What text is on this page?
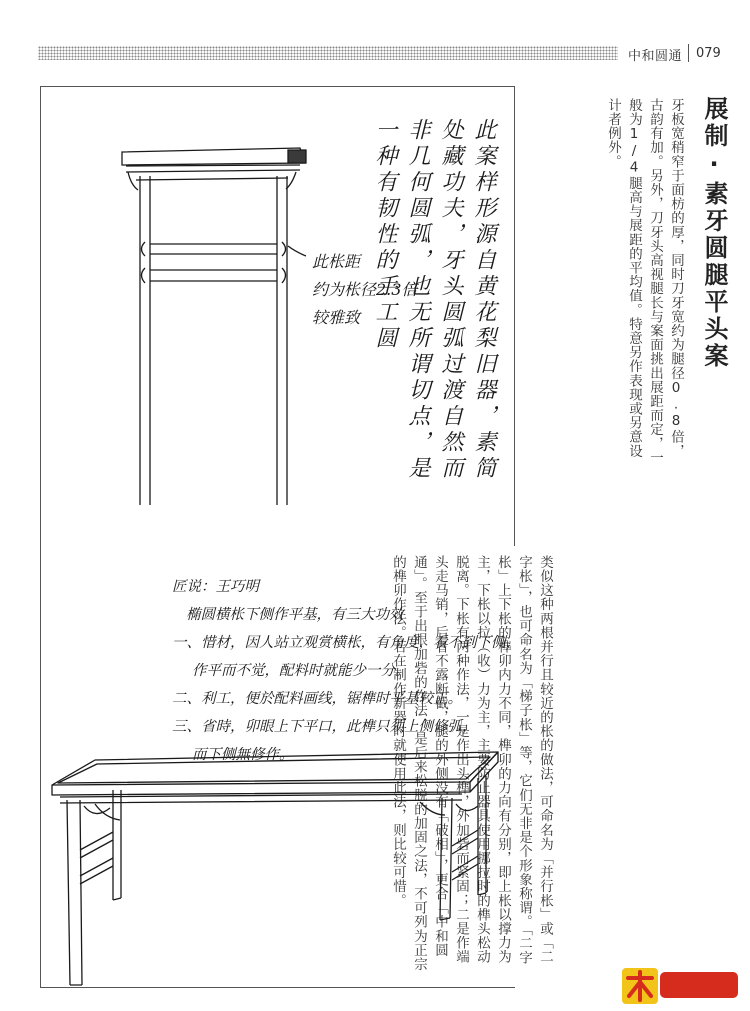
中和圆通 079
展制·素牙圆腿平头案
牙板宽稍窄于面枋的厚，同时刀牙宽约为腿径0.8倍，古韵有加。另外，刀牙头高视腿长与案面挑出展距而定，一般为1/4腿高与展距的平均值。特意另作表现或另意设计者例外。
类似这种两根并行且较近的枨的做法，可命名为「并行枨」或「二字枨」，也可命名为「梯子枨」等，它们无非是个形象称谓。「二字枨」上下枨的榫卯内力不同，榫卯的力向有分别，即上枨以撑力为主，下枨以拉（收）力为主，主要防止器具使用挪拉时的榫头松动脱离。下枨有两种作法，一是作出头榫，外加砦而紧固；二是作端头走马销，后者不露断截，腿的外侧没有「破相」，更合「中和圆通」。至于出眼加砦的作法，是后来松脱的加固之法，不可列为正宗的榫卯作法。若在制作新器时就使用此法，则比较可惜。
此案样形源自黄花梨旧器，素简处藏功夫，牙头圆弧过渡自然而非几何圆弧，也无所谓切点，是一种有韧性的手工圆
此枨距
约为枨径2.3倍
较雅致
匠说：王巧明
椭圆横枨下侧作平基，有三大功效
一、惜材，因人站立观赏横枨，有角度，看不到下侧，
作平而不觉，配料时就能少一分。
二、利工，便於配料画线，锯榫时平基较正。
三、省時，卯眼上下平口，此榫只须上侧修弧，
而下侧無修作。
